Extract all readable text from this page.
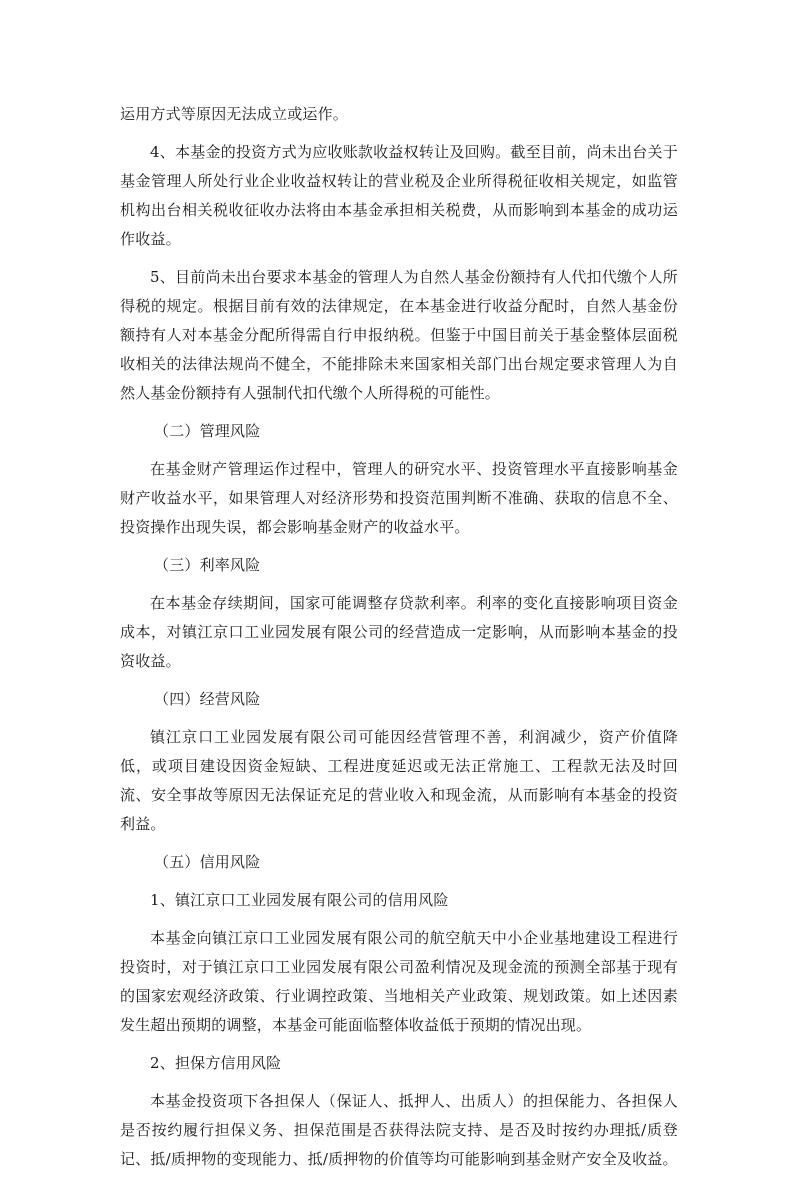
运用方式等原因无法成立或运作。

4、本基金的投资方式为应收账款收益权转让及回购。截至目前，尚未出台关于基金管理人所处行业企业收益权转让的营业税及企业所得税征收相关规定，如监管机构出台相关税收征收办法将由本基金承担相关税费，从而影响到本基金的成功运作收益。

5、目前尚未出台要求本基金的管理人为自然人基金份额持有人代扣代缴个人所得税的规定。根据目前有效的法律规定，在本基金进行收益分配时，自然人基金份额持有人对本基金分配所得需自行申报纳税。但鉴于中国目前关于基金整体层面税收相关的法律法规尚不健全，不能排除未来国家相关部门出台规定要求管理人为自然人基金份额持有人强制代扣代缴个人所得税的可能性。

（二）管理风险

在基金财产管理运作过程中，管理人的研究水平、投资管理水平直接影响基金财产收益水平，如果管理人对经济形势和投资范围判断不准确、获取的信息不全、投资操作出现失误，都会影响基金财产的收益水平。

（三）利率风险

在本基金存续期间，国家可能调整存贷款利率。利率的变化直接影响项目资金成本，对镇江京口工业园发展有限公司的经营造成一定影响，从而影响本基金的投资收益。

（四）经营风险

镇江京口工业园发展有限公司可能因经营管理不善，利润减少，资产价值降低，或项目建设因资金短缺、工程进度延迟或无法正常施工、工程款无法及时回流、安全事故等原因无法保证充足的营业收入和现金流，从而影响有本基金的投资利益。

（五）信用风险

1、镇江京口工业园发展有限公司的信用风险

本基金向镇江京口工业园发展有限公司的航空航天中小企业基地建设工程进行投资时，对于镇江京口工业园发展有限公司盈利情况及现金流的预测全部基于现有的国家宏观经济政策、行业调控政策、当地相关产业政策、规划政策。如上述因素发生超出预期的调整，本基金可能面临整体收益低于预期的情况出现。

2、担保方信用风险

本基金投资项下各担保人（保证人、抵押人、出质人）的担保能力、各担保人是否按约履行担保义务、担保范围是否获得法院支持、是否及时按约办理抵/质登记、抵/质押物的变现能力、抵/质押物的价值等均可能影响到基金财产安全及收益。
